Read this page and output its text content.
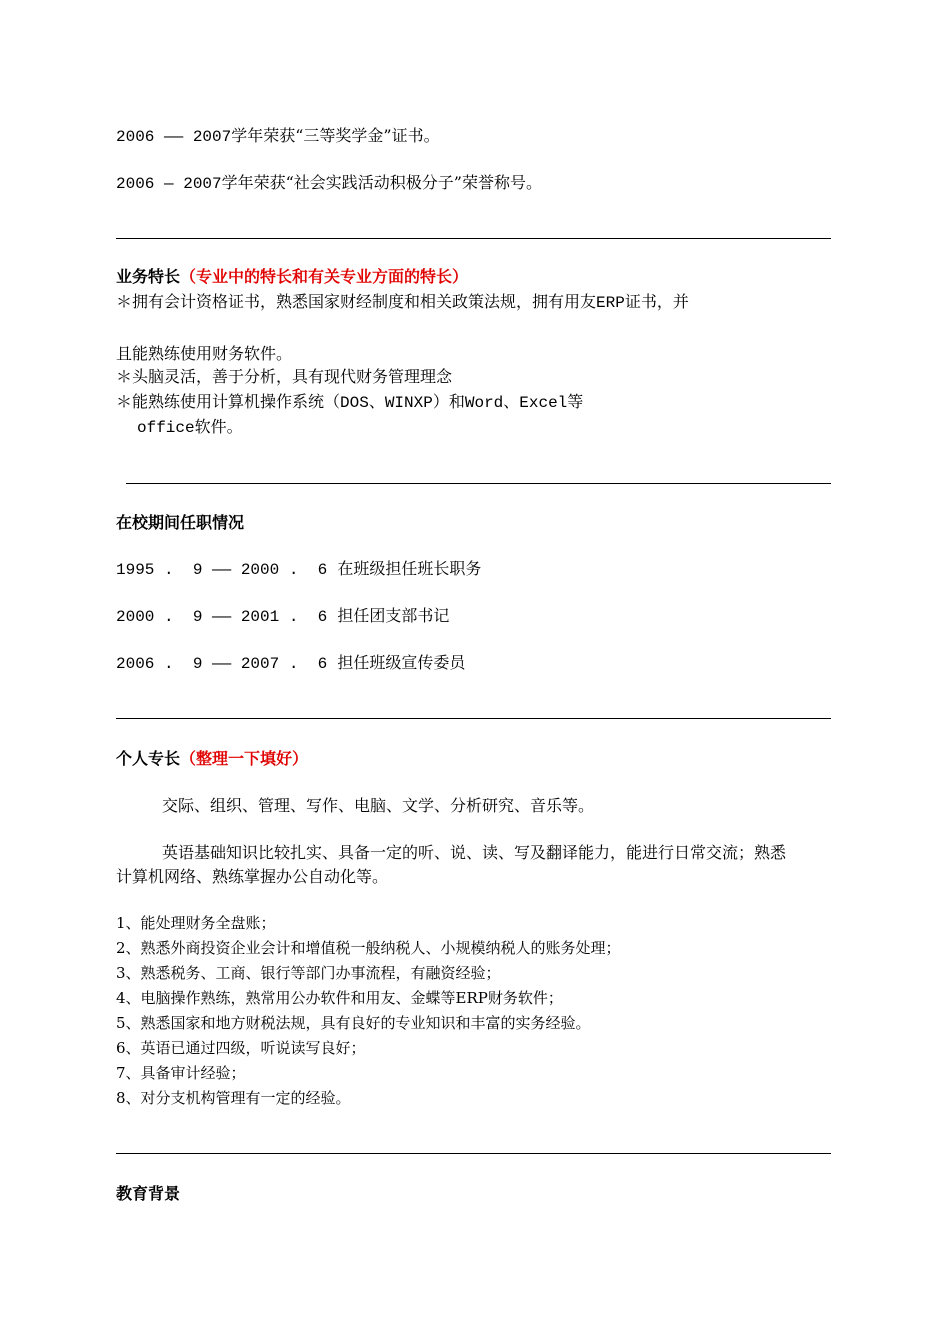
2006 —— 2007学年荣获“三等奖学金”证书。
2006 — 2007学年荣获“社会实践活动积极分子”荣誉称号。
业务特长（专业中的特长和有关专业方面的特长）
＊拥有会计资格证书，熟悉国家财经制度和相关政策法规，拥有用友ERP证书，并
且能熟练使用财务软件。
＊头脑灵活，善于分析，具有现代财务管理理念
＊能熟练使用计算机操作系统（DOS、WINXP）和Word、Excel等
office软件。
在校期间任职情况
1995 .  9 —— 2000 .  6 在班级担任班长职务
2000 .  9 —— 2001 .  6 担任团支部书记
2006 .  9 —— 2007 .  6 担任班级宣传委员
个人专长（整理一下填好）
交际、组织、管理、写作、电脑、文学、分析研究、音乐等。
英语基础知识比较扎实、具备一定的听、说、读、写及翻译能力，能进行日常交流；熟悉
计算机网络、熟练掌握办公自动化等。
1、能处理财务全盘账；
2、熟悉外商投资企业会计和增值税一般纳税人、小规模纳税人的账务处理；
3、熟悉税务、工商、银行等部门办事流程，有融资经验；
4、电脑操作熟练，熟常用公办软件和用友、金蝶等ERP财务软件；
5、熟悉国家和地方财税法规，具有良好的专业知识和丰富的实务经验。
6、英语已通过四级，听说读写良好；
7、具备审计经验；
8、对分支机构管理有一定的经验。
教育背景
